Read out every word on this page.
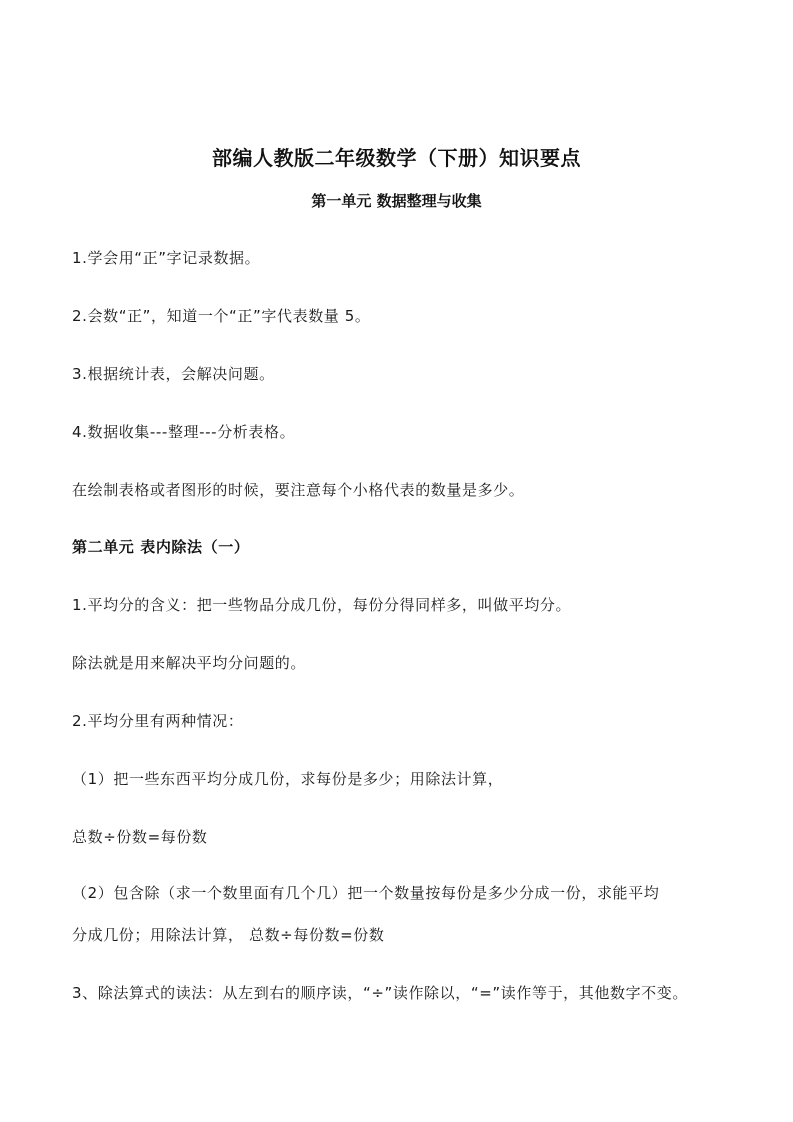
部编人教版二年级数学（下册）知识要点
第一单元 数据整理与收集

1.学会用“正”字记录数据。

2.会数“正”，知道一个“正”字代表数量 5。

3.根据统计表，会解决问题。

4.数据收集---整理---分析表格。

在绘制表格或者图形的时候，要注意每个小格代表的数量是多少。

第二单元 表内除法（一）

1.平均分的含义：把一些物品分成几份，每份分得同样多，叫做平均分。

除法就是用来解决平均分问题的。

2.平均分里有两种情况：

（1）把一些东西平均分成几份，求每份是多少；用除法计算，

总数÷份数=每份数

（2）包含除（求一个数里面有几个几）把一个数量按每份是多少分成一份，求能平均

分成几份；用除法计算， 总数÷每份数=份数

3、除法算式的读法：从左到右的顺序读，“÷”读作除以，“=”读作等于，其他数字不变。
